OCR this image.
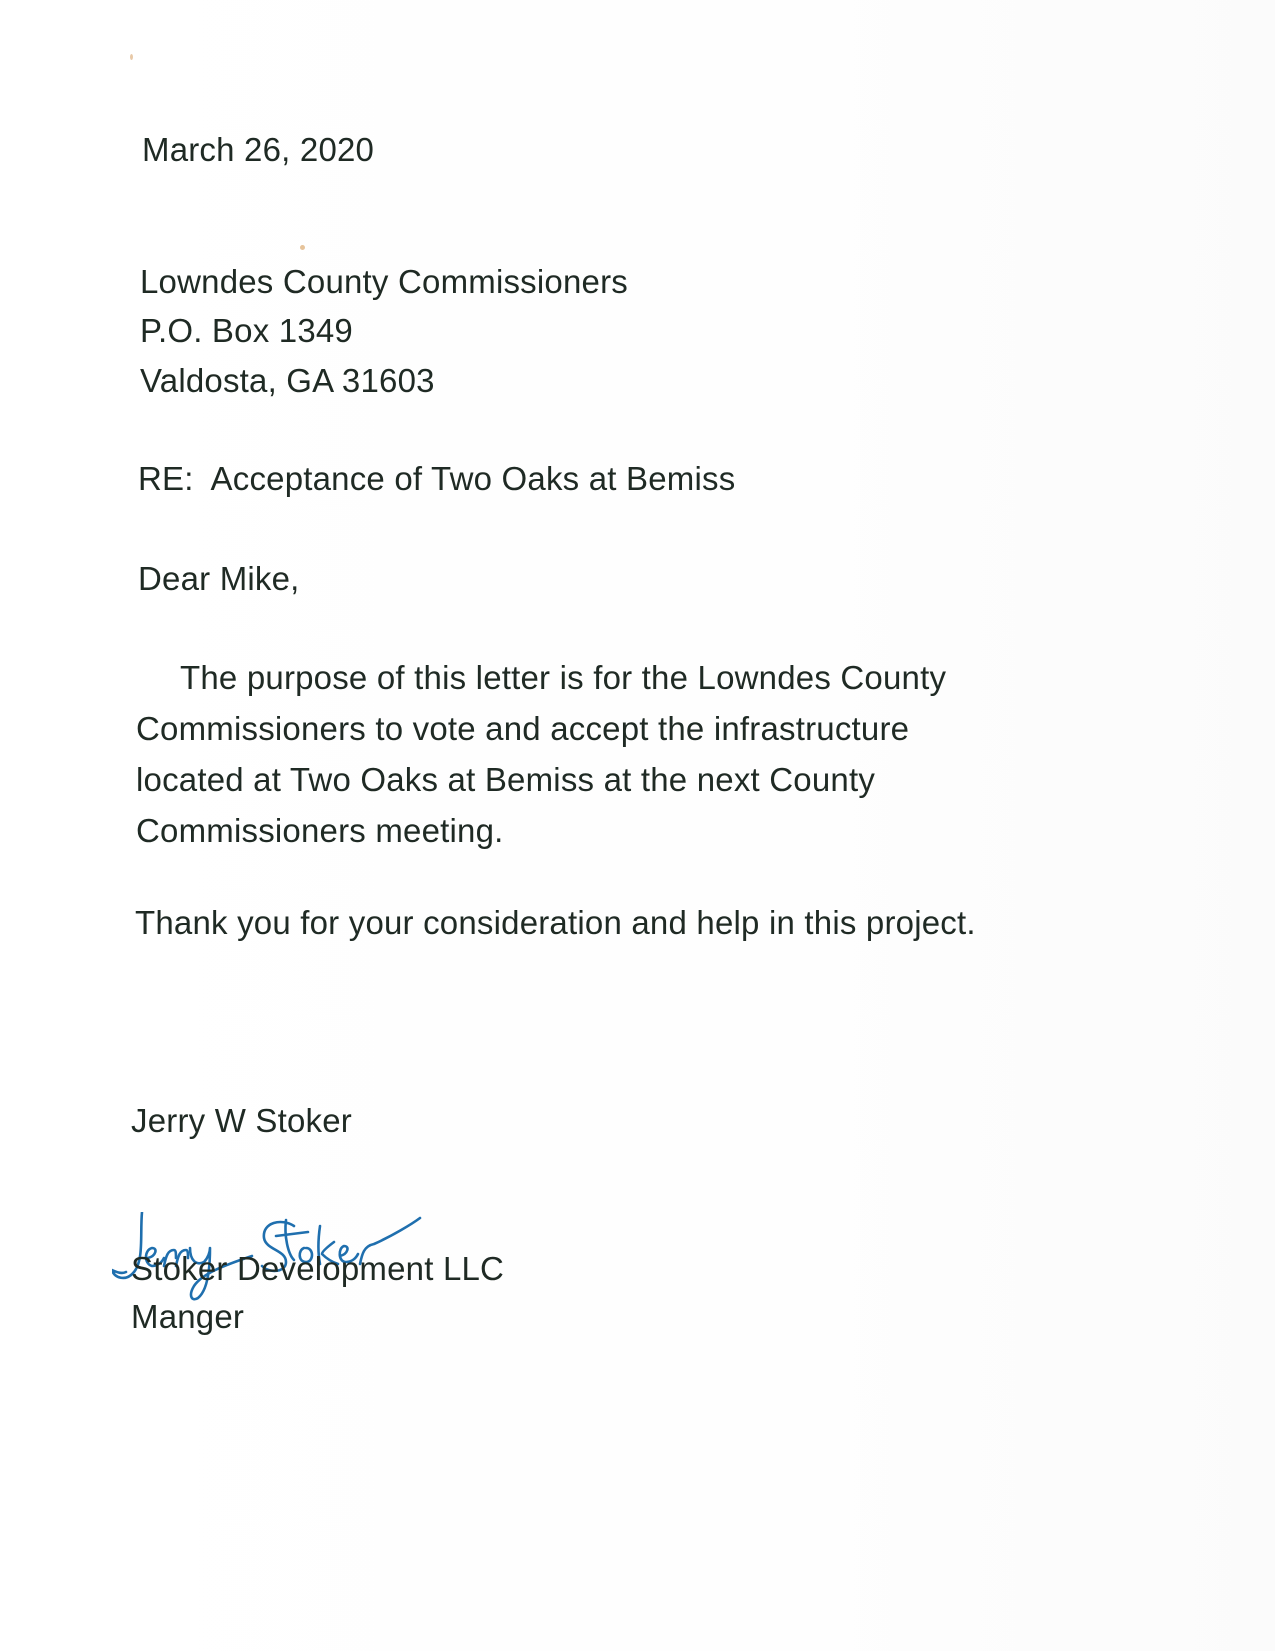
March 26, 2020
Lowndes County Commissioners
P.O. Box 1349
Valdosta, GA 31603
RE:  Acceptance of Two Oaks at Bemiss
Dear Mike,
The purpose of this letter is for the Lowndes County
Commissioners to vote and accept the infrastructure
located at Two Oaks at Bemiss at the next County
Commissioners meeting.
Thank you for your consideration and help in this project.
Jerry W Stoker
Stoker Development LLC
Manger
